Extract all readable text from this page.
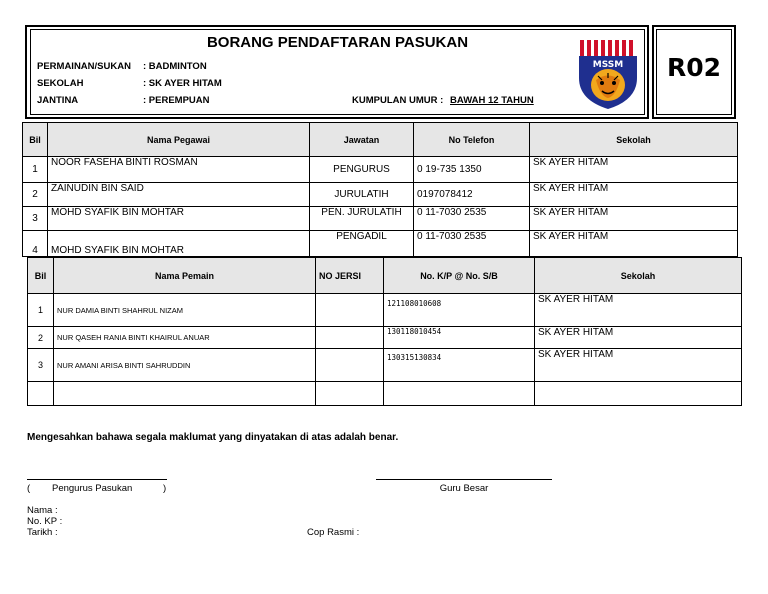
BORANG PENDAFTARAN PASUKAN
R02
PERMAINAN/SUKAN : BADMINTON
SEKOLAH	: SK AYER HITAM
JANTINA	: PEREMPUAN	KUMPULAN UMUR : BAWAH 12 TAHUN
MSSM
Bil	Nama Pegawai	Jawatan	No Telefon	Sekolah
1	NOOR FASEHA BINTI ROSMAN	PENGURUS	0 19-735 1350	SK AYER HITAM
2	ZAINUDIN BIN SAID	JURULATIH	0197078412	SK AYER HITAM
3	MOHD SYAFIK BIN MOHTAR	PEN. JURULATIH	0 11-7030 2535	SK AYER HITAM
4	MOHD SYAFIK BIN MOHTAR	PENGADIL	0 11-7030 2535	SK AYER HITAM
Bil	Nama Pemain	NO JERSI	No. K/P @ No. S/B	Sekolah
1	NUR DAMIA BINTI SHAHRUL NIZAM		121108010608	SK AYER HITAM
2	NUR QASEH RANIA BINTI KHAIRUL ANUAR		130118010454	SK AYER HITAM
3	NUR AMANI ARISA BINTI SAHRUDDIN		130315130834	SK AYER HITAM

Mengesahkan bahawa segala maklumat yang dinyatakan di atas adalah benar.
( Pengurus Pasukan	)	Guru Besar
Nama :
No. KP :
Tarikh :	Cop Rasmi :
